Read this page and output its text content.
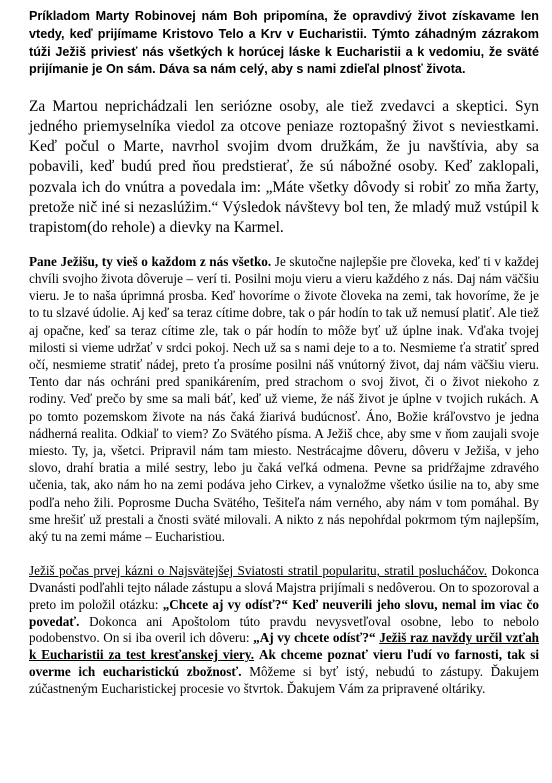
Príkladom Marty Robinovej nám Boh pripomína, že opravdivý život získavame len vtedy, keď prijímame Kristovo Telo a Krv v Eucharistii. Týmto záhadným zázrakom túži Ježiš priviesť nás všetkých k horúcej láske k Eucharistii a k vedomiu, že sväté prijímanie je On sám. Dáva sa nám celý, aby s nami zdieľal plnosť života.

Za Martou neprichádzali len seriózne osoby, ale tiež zvedavci a skeptici. Syn jedného priemyselníka viedol za otcove peniaze roztopašný život s neviestkami. Keď počul o Marte, navrhol svojim dvom družkám, že ju navštívia, aby sa pobavili, keď budú pred ňou predstierať, že sú nábožné osoby. Keď zaklopali, pozvala ich do vnútra a povedala im: „Máte všetky dôvody si robiť zo mňa žarty, pretože nič iné si nezaslúžim.“ Výsledok návštevy bol ten, že mladý muž vstúpil k trapistom(do rehole) a dievky na Karmel.

Pane Ježišu, ty vieš o každom z nás všetko. Je skutočne najlepšie pre človeka, keď ti v každej chvíli svojho života dôveruje – verí ti. Posilni moju vieru a vieru každého z nás. Daj nám väčšiu vieru. Je to naša úprimná prosba. Keď hovoríme o živote človeka na zemi, tak hovoríme, že je to tu slzavé údolie. Aj keď sa teraz cítime dobre, tak o pár hodín to tak už nemusí platiť. Ale tiež aj opačne, keď sa teraz cítime zle, tak o pár hodín to môže byť už úplne inak. Vďaka tvojej milosti si vieme udržať v srdci pokoj. Nech už sa s nami deje to a to. Nesmieme ťa stratiť spred očí, nesmieme stratiť nádej, preto ťa prosíme posilni náš vnútorný život, daj nám väčšiu vieru. Tento dar nás ochráni pred spanikárením, pred strachom o svoj život, či o život niekoho z rodiny. Veď prečo by sme sa mali báť, keď už vieme, že náš život je úplne v tvojich rukách. A po tomto pozemskom živote na nás čaká žiarivá budúcnosť. Áno, Božie kráľovstvo je jedna nádherná realita. Odkiaľ to viem? Zo Svätého písma. A Ježiš chce, aby sme v ňom zaujali svoje miesto. Ty, ja, všetci. Pripravil nám tam miesto. Nestrácajme dôveru, dôveru v Ježiša, v jeho slovo, drahí bratia a milé sestry, lebo ju čaká veľká odmena. Pevne sa pridŕžajme zdravého učenia, tak, ako nám ho na zemi podáva jeho Cirkev, a vynaložme všetko úsilie na to, aby sme podľa neho žili. Poprosme Ducha Svätého, Tešiteľa nám verného, aby nám v tom pomáhal. By sme hrešiť už prestali a čnosti sväté milovali. A nikto z nás nepohŕdal pokrmom tým najlepším, aký tu na zemi máme – Eucharistiou.

Ježiš počas prvej kázni o Najsvätejšej Sviatosti stratil popularitu, stratil poslucháčov. Dokonca Dvanásti podľahli tejto nálade zástupu a slová Majstra prijímali s nedôverou. On to spozoroval a preto im položil otázku: „Chcete aj vy odísť?“ Keď neuverili jeho slovu, nemal im viac čo povedať. Dokonca ani Apoštolom túto pravdu nevysvetľoval osobne, lebo to nebolo podobenstvo. On si iba overil ich dôveru: „Aj vy chcete odísť?“ Ježiš raz navždy určil vzťah k Eucharistii za test kresťanskej viery. Ak chceme poznať vieru ľudí vo farnosti, tak si overme ich eucharistickú zbožnosť. Môžeme si byť istý, nebudú to zástupy. Ďakujem zúčastneným Eucharistickej procesie vo štvrtok. Ďakujem Vám za pripravené oltáriky.
